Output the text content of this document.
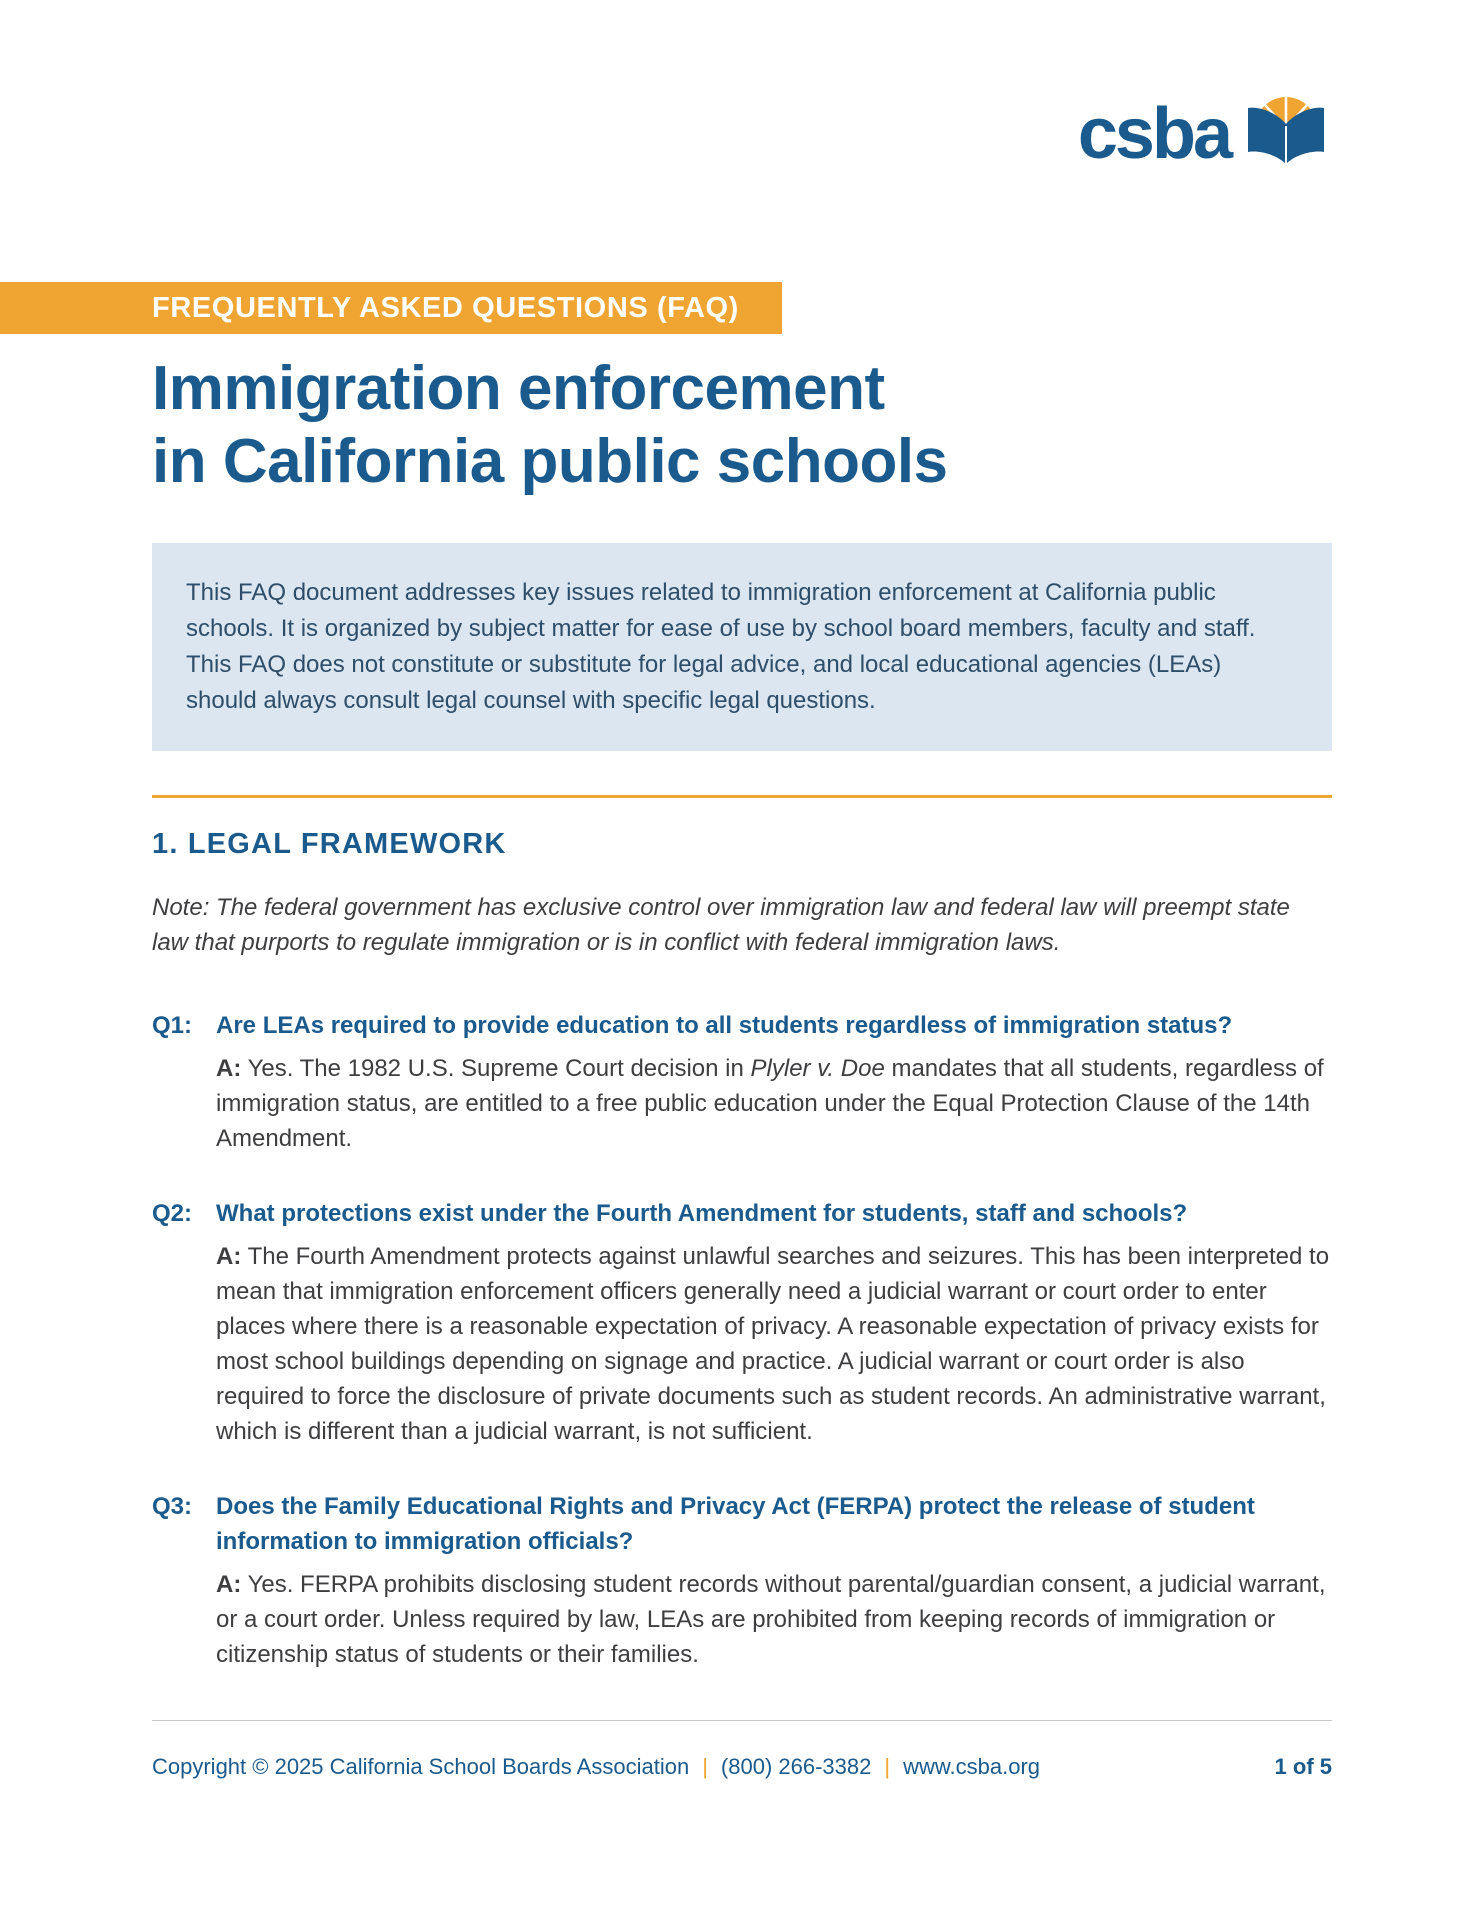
csba
FREQUENTLY ASKED QUESTIONS (FAQ)
Immigration enforcement
in California public schools

This FAQ document addresses key issues related to immigration enforcement at California public schools. It is organized by subject matter for ease of use by school board members, faculty and staff. This FAQ does not constitute or substitute for legal advice, and local educational agencies (LEAs) should always consult legal counsel with specific legal questions.

1. LEGAL FRAMEWORK

Note: The federal government has exclusive control over immigration law and federal law will preempt state law that purports to regulate immigration or is in conflict with federal immigration laws.

Q1: Are LEAs required to provide education to all students regardless of immigration status?

A: Yes. The 1982 U.S. Supreme Court decision in Plyler v. Doe mandates that all students, regardless of immigration status, are entitled to a free public education under the Equal Protection Clause of the 14th Amendment.

Q2: What protections exist under the Fourth Amendment for students, staff and schools?

A: The Fourth Amendment protects against unlawful searches and seizures. This has been interpreted to mean that immigration enforcement officers generally need a judicial warrant or court order to enter places where there is a reasonable expectation of privacy. A reasonable expectation of privacy exists for most school buildings depending on signage and practice. A judicial warrant or court order is also required to force the disclosure of private documents such as student records. An administrative warrant, which is different than a judicial warrant, is not sufficient.

Q3: Does the Family Educational Rights and Privacy Act (FERPA) protect the release of student information to immigration officials?

A: Yes. FERPA prohibits disclosing student records without parental/guardian consent, a judicial warrant, or a court order. Unless required by law, LEAs are prohibited from keeping records of immigration or citizenship status of students or their families.

Copyright © 2025 California School Boards Association | (800) 266-3382 | www.csba.org	1 of 5
